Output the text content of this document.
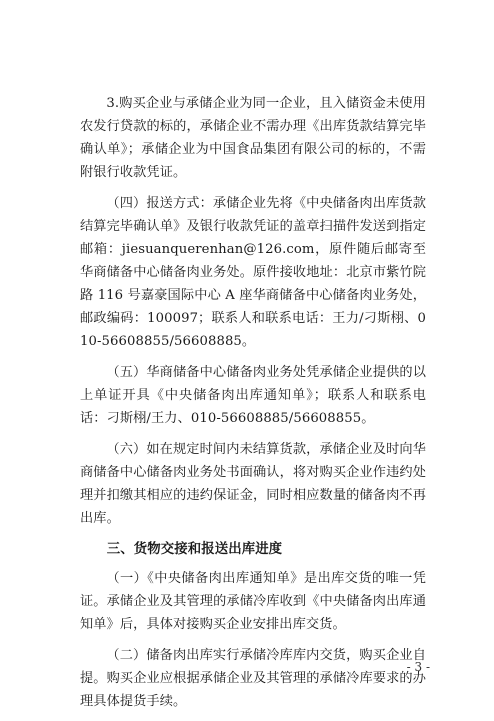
3.购买企业与承储企业为同一企业，且入储资金未使用农发行贷款的标的，承储企业不需办理《出库货款结算完毕确认单》；承储企业为中国食品集团有限公司的标的，不需附银行收款凭证。

（四）报送方式：承储企业先将《中央储备肉出库货款结算完毕确认单》及银行收款凭证的盖章扫描件发送到指定邮箱：jiesuanquerenhan@126.com，原件随后邮寄至华商储备中心储备肉业务处。原件接收地址：北京市紫竹院路 116 号嘉豪国际中心 A 座华商储备中心储备肉业务处，邮政编码：100097；联系人和联系电话：王力/刁斯栩、010-56608855/56608885。

（五）华商储备中心储备肉业务处凭承储企业提供的以上单证开具《中央储备肉出库通知单》；联系人和联系电话：刁斯栩/王力、010-56608885/56608855。

（六）如在规定时间内未结算货款，承储企业及时向华商储备中心储备肉业务处书面确认，将对购买企业作违约处理并扣缴其相应的违约保证金，同时相应数量的储备肉不再出库。

三、货物交接和报送出库进度

（一）《中央储备肉出库通知单》是出库交货的唯一凭证。承储企业及其管理的承储冷库收到《中央储备肉出库通知单》后，具体对接购买企业安排出库交货。

（二）储备肉出库实行承储冷库库内交货，购买企业自提。购买企业应根据承储企业及其管理的承储冷库要求的办理具体提货手续。

- 3 -
